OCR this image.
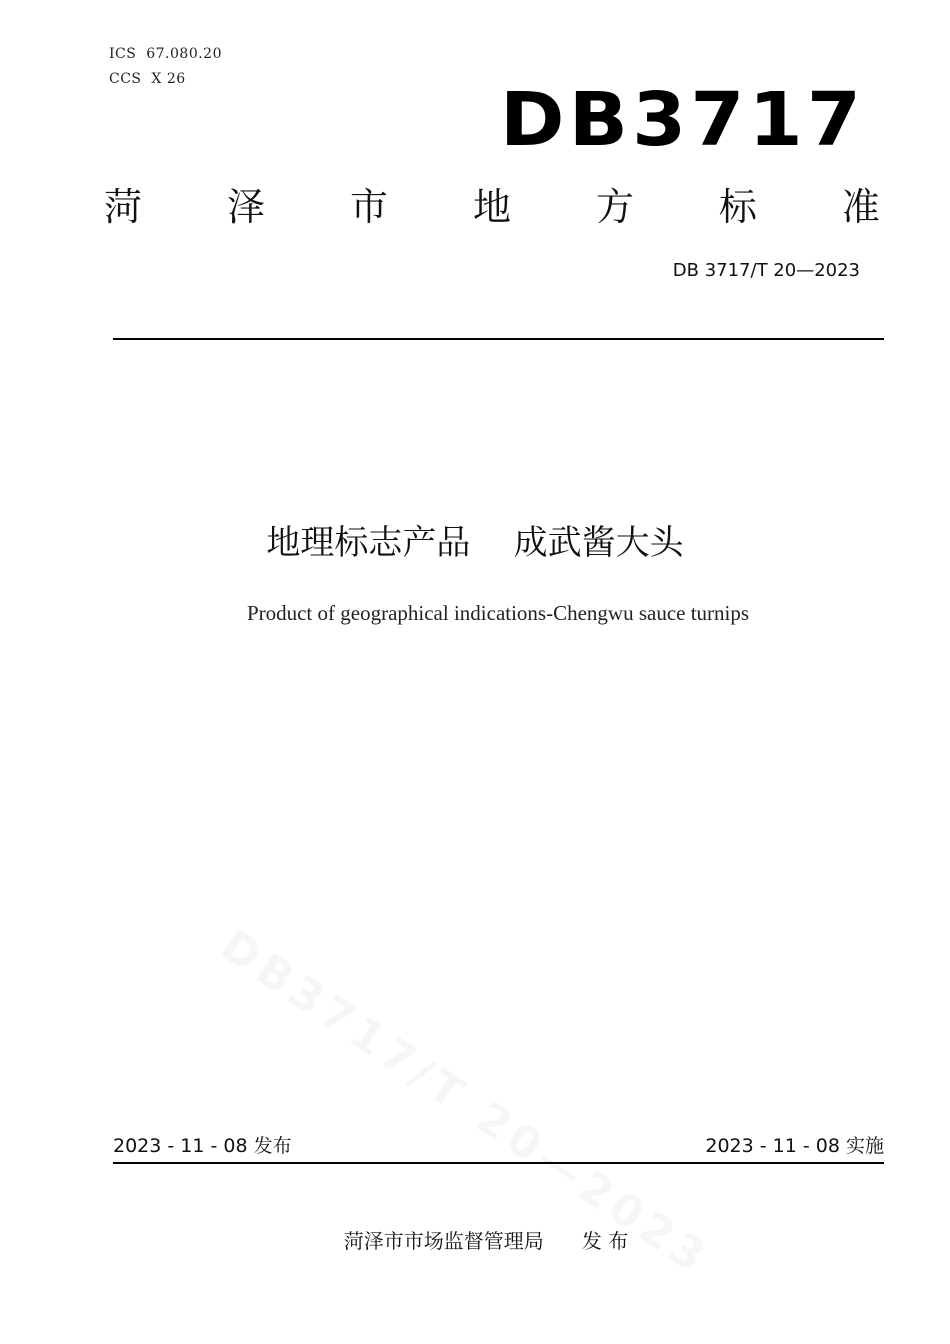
ICS  67.080.20
CCS  X 26	DB3717
菏 泽 市 地 方 标 准
DB 3717/T 20—2023
地理标志产品    成武酱大头
Product of geographical indications-Chengwu sauce turnips
2023 - 11 - 08 发布	2023 - 11 - 08 实施
菏泽市市场监督管理局      发 布
